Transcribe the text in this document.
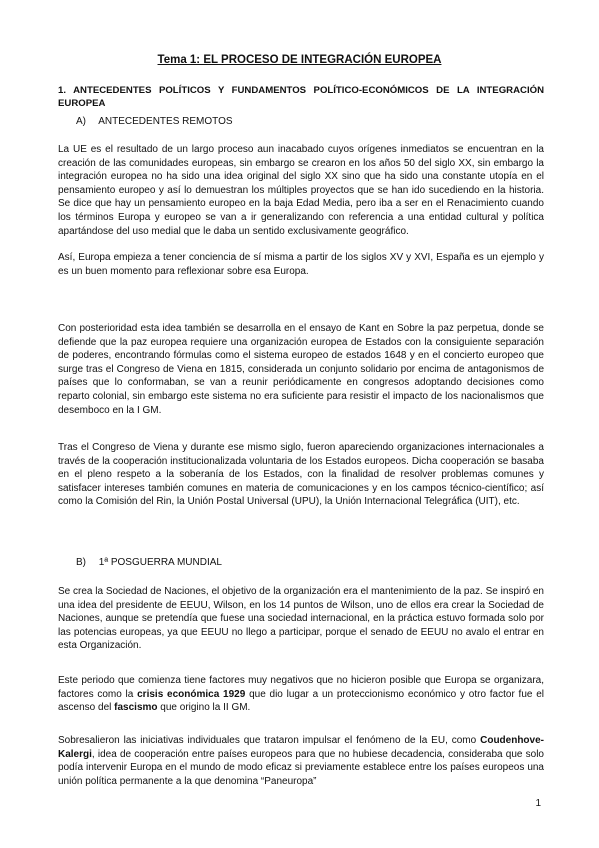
Tema 1: EL PROCESO DE INTEGRACIÓN EUROPEA
1. ANTECEDENTES POLÍTICOS Y FUNDAMENTOS POLÍTICO-ECONÓMICOS DE LA INTEGRACIÓN EUROPEA
A) ANTECEDENTES REMOTOS

La UE es el resultado de un largo proceso aun inacabado cuyos orígenes inmediatos se encuentran en la creación de las comunidades europeas, sin embargo se crearon en los años 50 del siglo XX, sin embargo la integración europea no ha sido una idea original del siglo XX sino que ha sido una constante utopía en el pensamiento europeo y así lo demuestran los múltiples proyectos que se han ido sucediendo en la historia. Se dice que hay un pensamiento europeo en la baja Edad Media, pero iba a ser en el Renacimiento cuando los términos Europa y europeo se van a ir generalizando con referencia a una entidad cultural y política apartándose del uso medial que le daba un sentido exclusivamente geográfico.

Así, Europa empieza a tener conciencia de sí misma a partir de los siglos XV y XVI, España es un ejemplo y es un buen momento para reflexionar sobre esa Europa.

Con posterioridad esta idea también se desarrolla en el ensayo de Kant en Sobre la paz perpetua, donde se defiende que la paz europea requiere una organización europea de Estados con la consiguiente separación de poderes, encontrando fórmulas como el sistema europeo de estados 1648 y en el concierto europeo que surge tras el Congreso de Viena en 1815, considerada un conjunto solidario por encima de antagonismos de países que lo conformaban, se van a reunir periódicamente en congresos adoptando decisiones como reparto colonial, sin embargo este sistema no era suficiente para resistir el impacto de los nacionalismos que desemboco en la I GM.

Tras el Congreso de Viena y durante ese mismo siglo, fueron apareciendo organizaciones internacionales a través de la cooperación institucionalizada voluntaria de los Estados europeos. Dicha cooperación se basaba en el pleno respeto a la soberanía de los Estados, con la finalidad de resolver problemas comunes y satisfacer intereses también comunes en materia de comunicaciones y en los campos técnico-científico; así como la Comisión del Rin, la Unión Postal Universal (UPU), la Unión Internacional Telegráfica (UIT), etc.

B) 1ª POSGUERRA MUNDIAL

Se crea la Sociedad de Naciones, el objetivo de la organización era el mantenimiento de la paz. Se inspiró en una idea del presidente de EEUU, Wilson, en los 14 puntos de Wilson, uno de ellos era crear la Sociedad de Naciones, aunque se pretendía que fuese una sociedad internacional, en la práctica estuvo formada solo por las potencias europeas, ya que EEUU no llego a participar, porque el senado de EEUU no avalo el entrar en esta Organización.

Este periodo que comienza tiene factores muy negativos que no hicieron posible que Europa se organizara, factores como la crisis económica 1929 que dio lugar a un proteccionismo económico y otro factor fue el ascenso del fascismo que origino la II GM.

Sobresalieron las iniciativas individuales que trataron impulsar el fenómeno de la EU, como Coudenhove-Kalergi, idea de cooperación entre países europeos para que no hubiese decadencia, consideraba que solo podía intervenir Europa en el mundo de modo eficaz si previamente establece entre los países europeos una unión política permanente a la que denomina “Paneuropa”

1
